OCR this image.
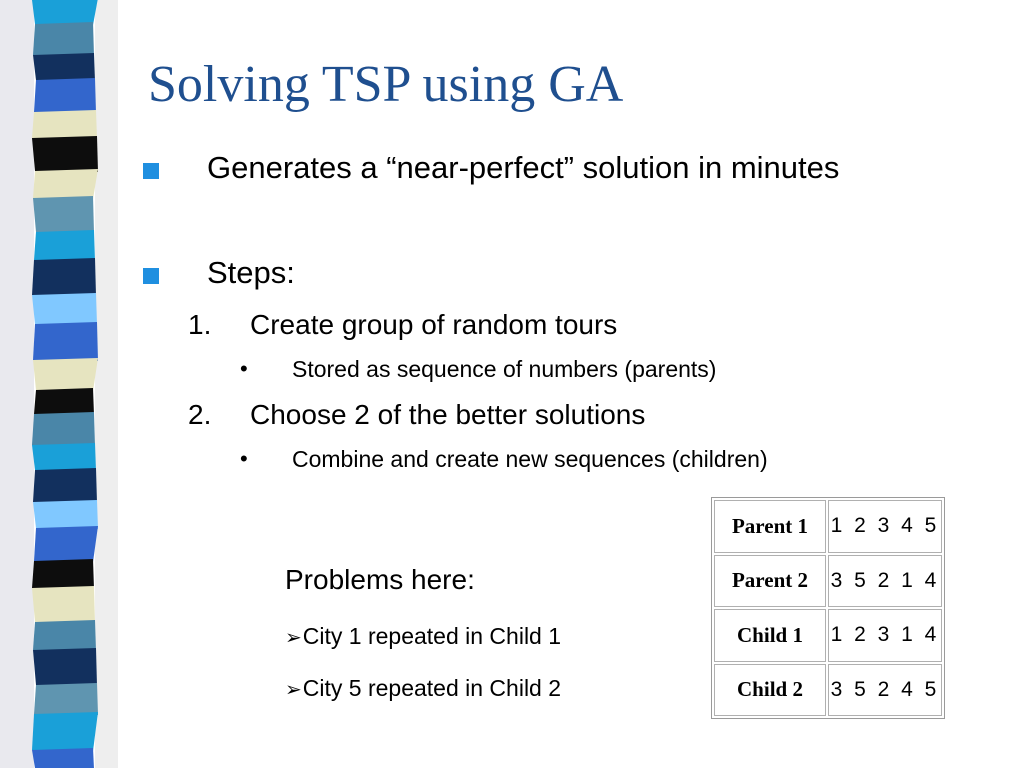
Solving TSP using GA
Generates a “near-perfect” solution in minutes
Steps:
1. Create group of random tours
• Stored as sequence of numbers (parents)
2. Choose 2 of the better solutions
• Combine and create new sequences (children)
Problems here:
➢City 1 repeated in Child 1
➢City 5 repeated in Child 2
Parent 1	1 2 3 4 5
Parent 2	3 5 2 1 4
Child 1	1 2 3 1 4
Child 2	3 5 2 4 5
